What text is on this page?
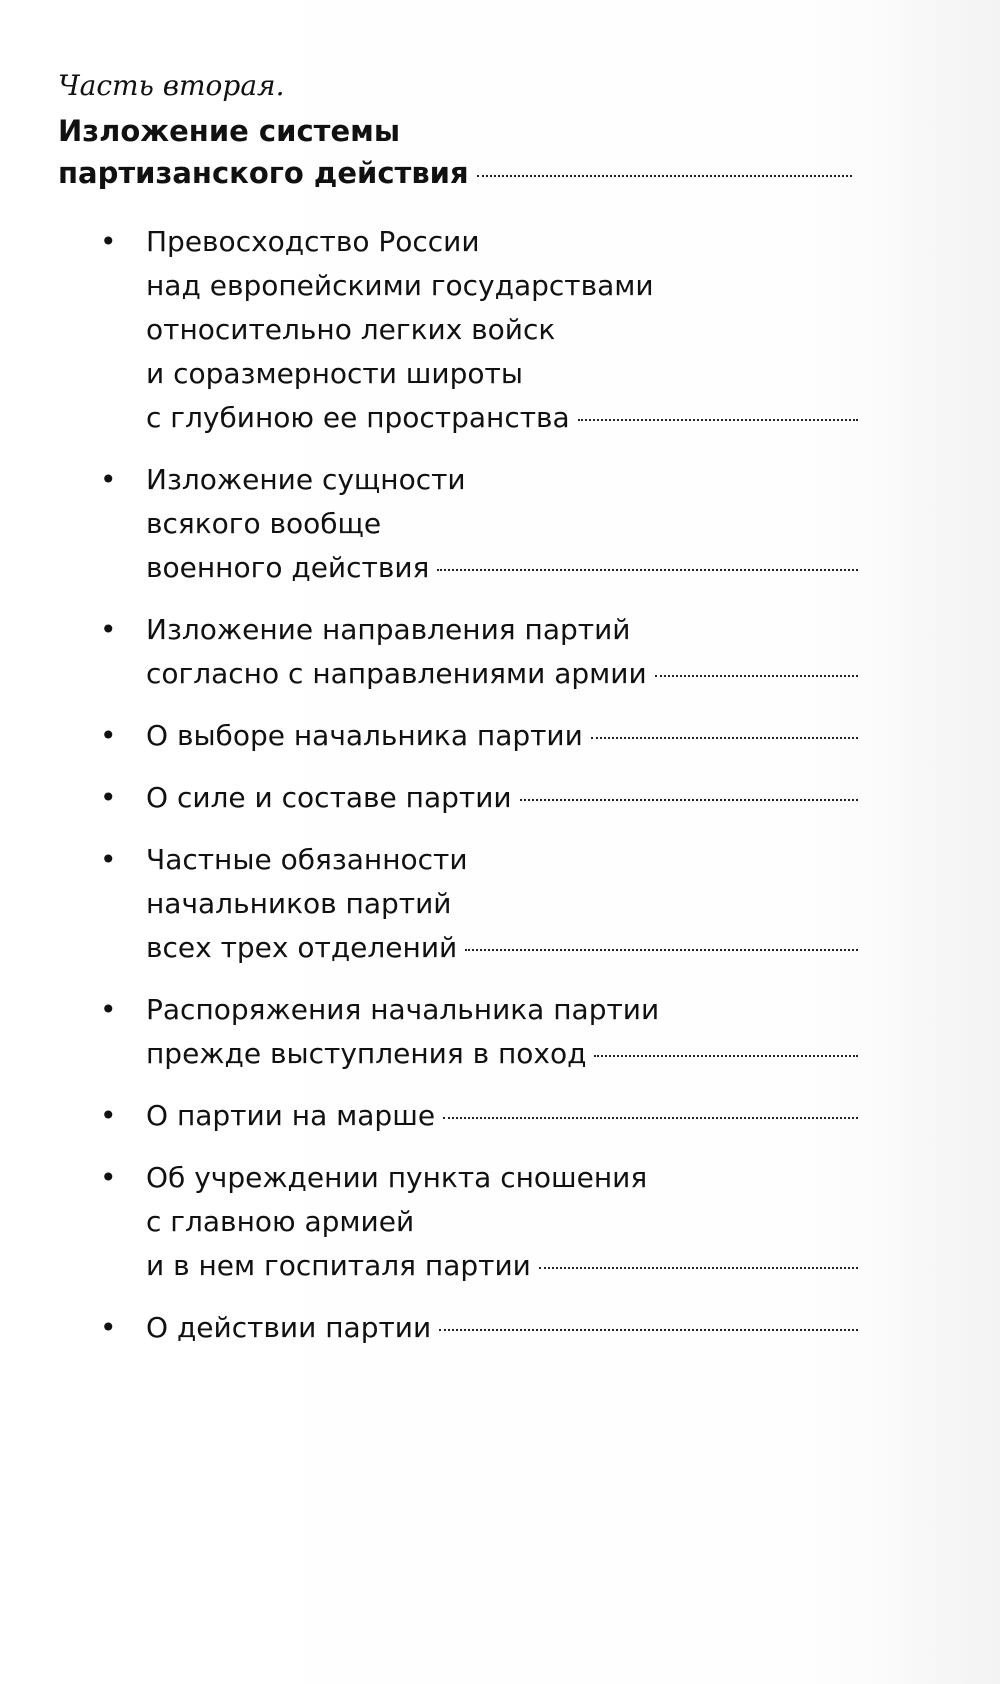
Часть вторая.

Изложение системы
партизанского действия
• Превосходство России
над европейскими государствами
относительно легких войск
и соразмерности широты
с глубиною ее пространства
• Изложение сущности
всякого вообще
военного действия
• Изложение направления партий
согласно с направлениями армии
• О выборе начальника партии
• О силе и составе партии
• Частные обязанности
начальников партий
всех трех отделений
• Распоряжения начальника партии
прежде выступления в поход
• О партии на марше
• Об учреждении пункта сношения
с главною армией
и в нем госпиталя партии
• О действии партии
